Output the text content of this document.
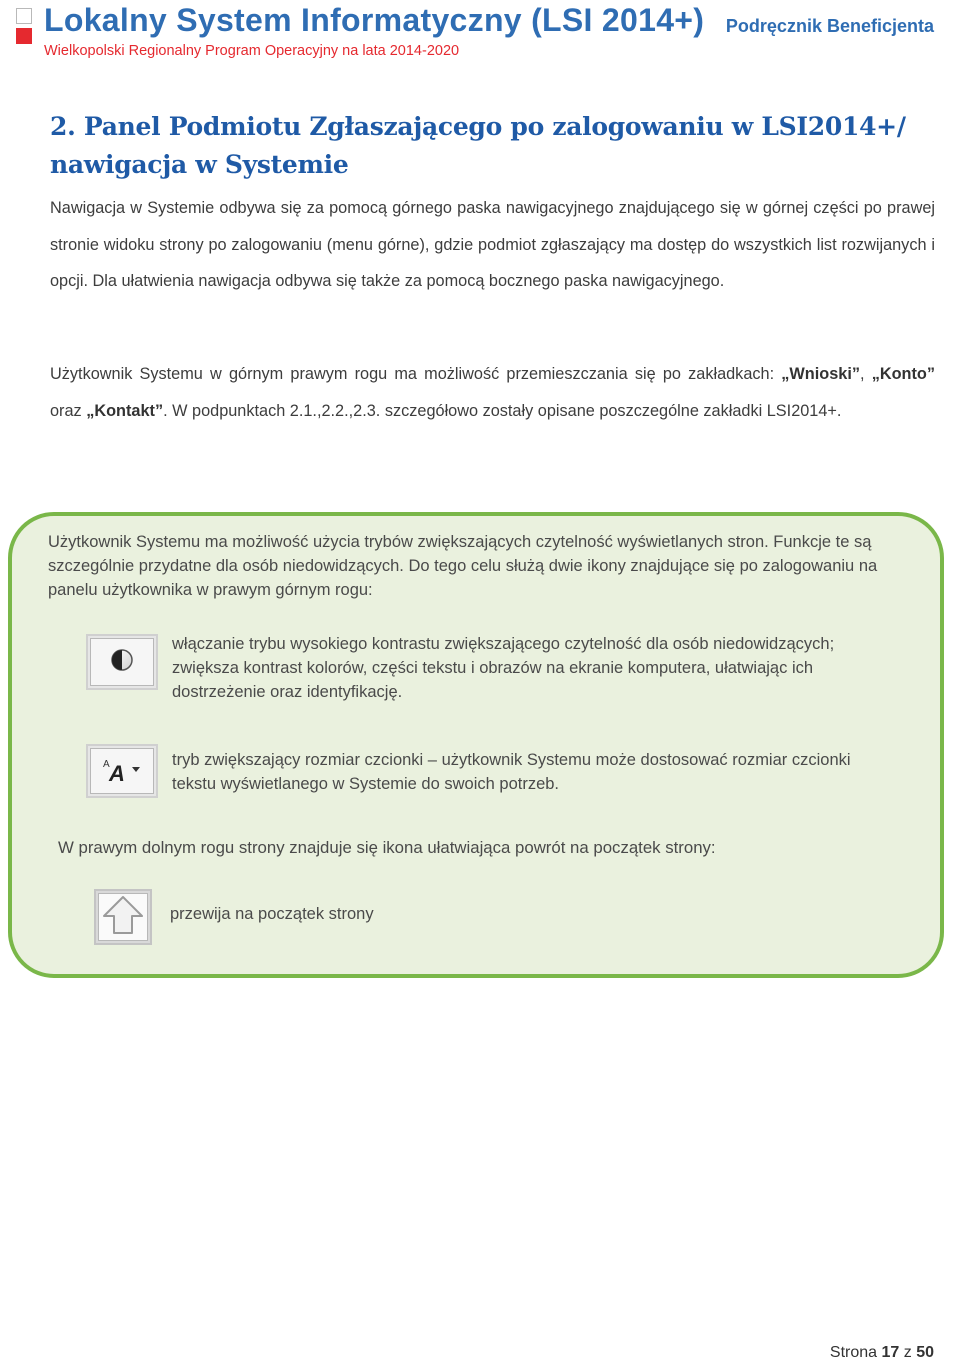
Lokalny System Informatyczny (LSI 2014+)
Wielkopolski Regionalny Program Operacyjny na lata 2014-2020
Podręcznik Beneficjenta
2. Panel Podmiotu Zgłaszającego po zalogowaniu w LSI2014+/ nawigacja w Systemie
Nawigacja w Systemie odbywa się za pomocą górnego paska nawigacyjnego znajdującego się w górnej części po prawej stronie widoku strony po zalogowaniu (menu górne), gdzie podmiot zgłaszający ma dostęp do wszystkich list rozwijanych i opcji. Dla ułatwienia nawigacja odbywa się także za pomocą bocznego paska nawigacyjnego.
Użytkownik Systemu w górnym prawym rogu ma możliwość przemieszczania się po zakładkach: „Wnioski”, „Konto” oraz „Kontakt”. W podpunktach 2.1.,2.2.,2.3. szczegółowo zostały opisane poszczególne zakładki LSI2014+.
Użytkownik Systemu ma możliwość użycia trybów zwiększających czytelność wyświetlanych stron. Funkcje te są szczególnie przydatne dla osób niedowidzących. Do tego celu służą dwie ikony znajdujące się po zalogowaniu na panelu użytkownika w prawym górnym rogu:
włączanie trybu wysokiego kontrastu zwiększającego czytelność dla osób niedowidzących; zwiększa kontrast kolorów, części tekstu i obrazów na ekranie komputera, ułatwiając ich dostrzeżenie oraz identyfikację.
A A
tryb zwiększający rozmiar czcionki – użytkownik Systemu może dostosować rozmiar czcionki tekstu wyświetlanego w Systemie do swoich potrzeb.
W prawym dolnym rogu strony znajduje się ikona ułatwiająca powrót na początek strony:
przewija na początek strony
Strona 17 z 50
